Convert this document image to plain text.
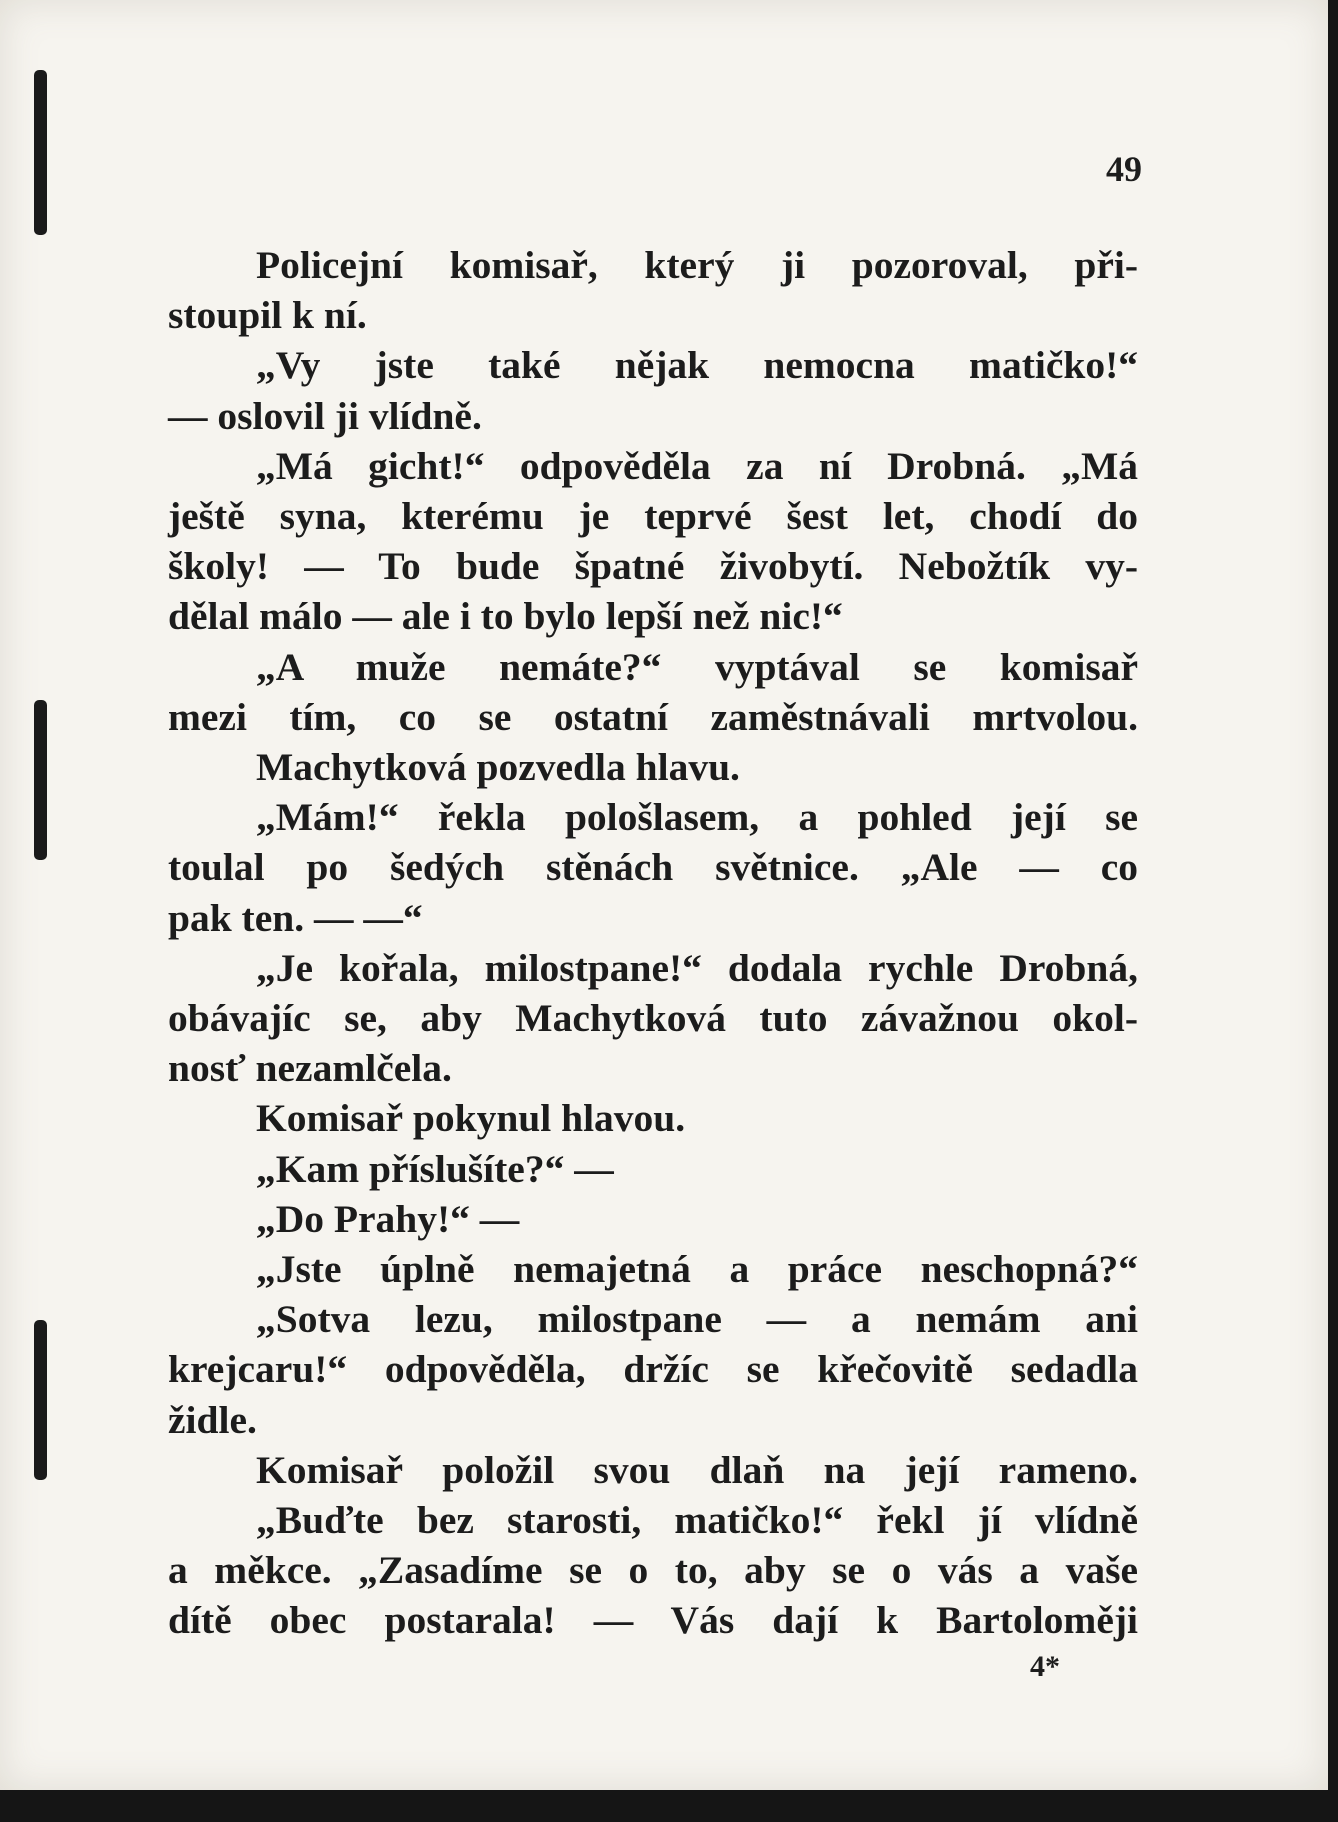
49
Policejní komisař, který ji pozoroval, při-
stoupil k ní.
„Vy jste také nějak nemocna matičko!“
— oslovil ji vlídně.
„Má gicht!“ odpověděla za ní Drobná. „Má
ještě syna, kterému je teprvé šest let, chodí do
školy! — To bude špatné živobytí. Nebožtík vy-
dělal málo — ale i to bylo lepší než nic!“
„A muže nemáte?“ vyptával se komisař
mezi tím, co se ostatní zaměstnávali mrtvolou.
Machytková pozvedla hlavu.
„Mám!“ řekla pološlasem, a pohled její se
toulal po šedých stěnách světnice. „Ale — co
pak ten. — —“
„Je kořala, milostpane!“ dodala rychle Drobná,
obávajíc se, aby Machytková tuto závažnou okol-
nosť nezamlčela.
Komisař pokynul hlavou.
„Kam příslušíte?“ —
„Do Prahy!“ —
„Jste úplně nemajetná a práce neschopná?“
„Sotva lezu, milostpane — a nemám ani
krejcaru!“ odpověděla, držíc se křečovitě sedadla
židle.
Komisař položil svou dlaň na její rameno.
„Buďte bez starosti, matičko!“ řekl jí vlídně
a měkce. „Zasadíme se o to, aby se o vás a vaše
dítě obec postarala! — Vás dají k Bartoloměji
4*
